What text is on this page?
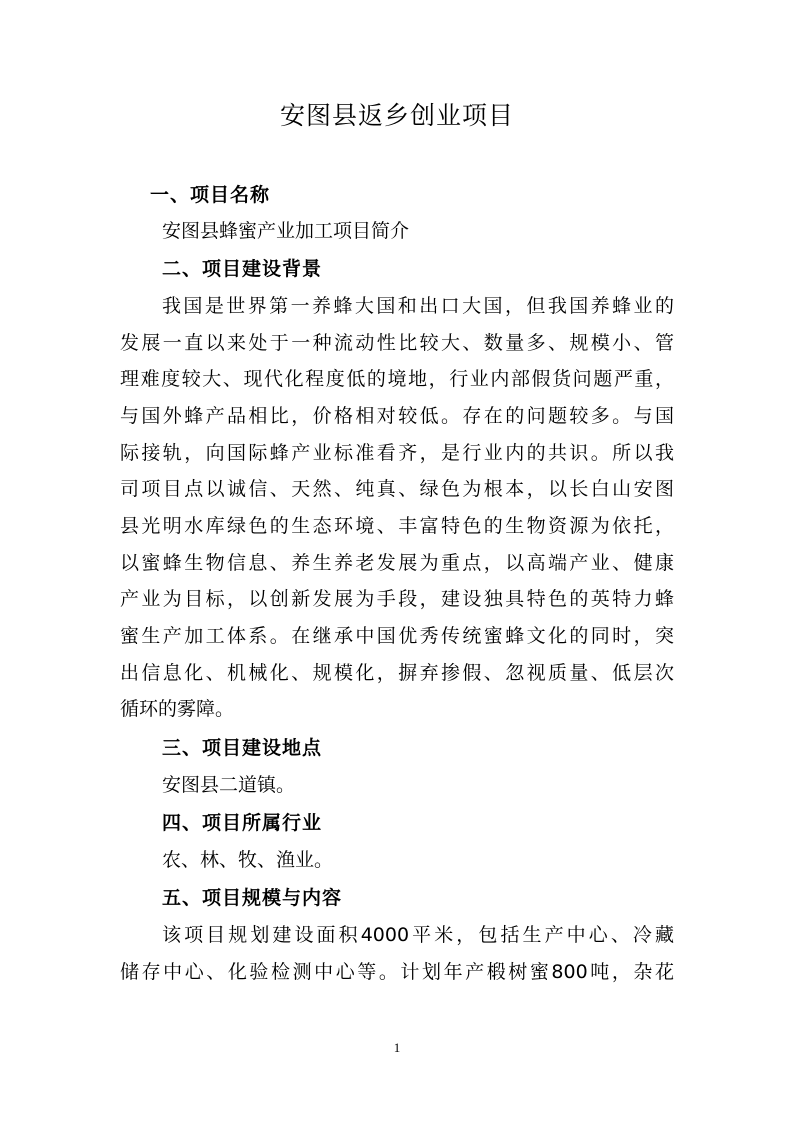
安图县返乡创业项目
一、项目名称
安图县蜂蜜产业加工项目简介
二、项目建设背景
我国是世界第一养蜂大国和出口大国，但我国养蜂业的
发展一直以来处于一种流动性比较大、数量多、规模小、管
理难度较大、现代化程度低的境地，行业内部假货问题严重，
与国外蜂产品相比，价格相对较低。存在的问题较多。与国
际接轨，向国际蜂产业标准看齐，是行业内的共识。所以我
司项目点以诚信、天然、纯真、绿色为根本，以长白山安图
县光明水库绿色的生态环境、丰富特色的生物资源为依托，
以蜜蜂生物信息、养生养老发展为重点，以高端产业、健康
产业为目标，以创新发展为手段，建设独具特色的英特力蜂
蜜生产加工体系。在继承中国优秀传统蜜蜂文化的同时，突
出信息化、机械化、规模化，摒弃掺假、忽视质量、低层次
循环的雾障。
三、项目建设地点
安图县二道镇。
四、项目所属行业
农、林、牧、渔业。
五、项目规模与内容
该项目规划建设面积4000平米，包括生产中心、冷藏
储存中心、化验检测中心等。计划年产椴树蜜800吨，杂花
1
